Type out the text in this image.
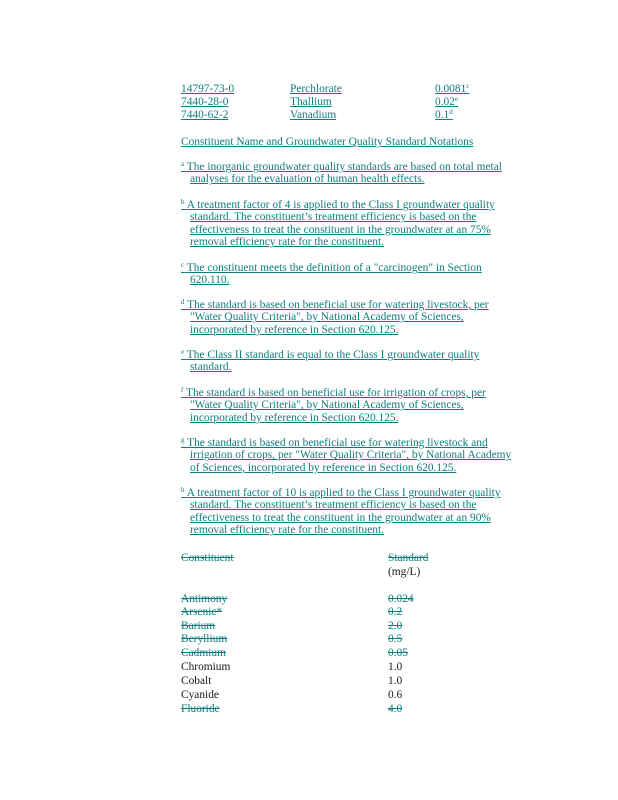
14797-73-0	Perchlorate	0.0081$^c$
7440-28-0	Thallium	0.02e
7440-62-2	Vanadium	0.1$^d$
Constituent Name and Groundwater Quality Standard Notations
$^a$ The inorganic groundwater quality standards are based on total metal
analyses for the evaluation of human health effects.
$^b$ A treatment factor of 4 is applied to the Class I groundwater quality
standard. The constituent’s treatment efficiency is based on the
effectiveness to treat the constituent in the groundwater at an 75%
removal efficiency rate for the constituent.
$^c$ The constituent meets the definition of a "carcinogen" in Section
620.110.
$^d$ The standard is based on beneficial use for watering livestock, per
"Water Quality Criteria", by National Academy of Sciences,
incorporated by reference in Section 620.125.
$^e$ The Class II standard is equal to the Class I groundwater quality
standard.
$^f$ The standard is based on beneficial use for irrigation of crops, per
"Water Quality Criteria", by National Academy of Sciences,
incorporated by reference in Section 620.125.
$^g$ The standard is based on beneficial use for watering livestock and
irrigation of crops, per "Water Quality Criteria", by National Academy
of Sciences, incorporated by reference in Section 620.125.
$^h$ A treatment factor of 10 is applied to the Class I groundwater quality
standard. The constituent’s treatment efficiency is based on the
effectiveness to treat the constituent in the groundwater at an 90%
removal efficiency rate for the constituent.
Constituent	Standard
(mg/L)
Antimony	0.024
Arsenic*	0.2
Barium	2.0
Beryllium	0.5
Cadmium	0.05
Chromium	1.0
Cobalt	1.0
Cyanide	0.6
Fluoride	4.0
